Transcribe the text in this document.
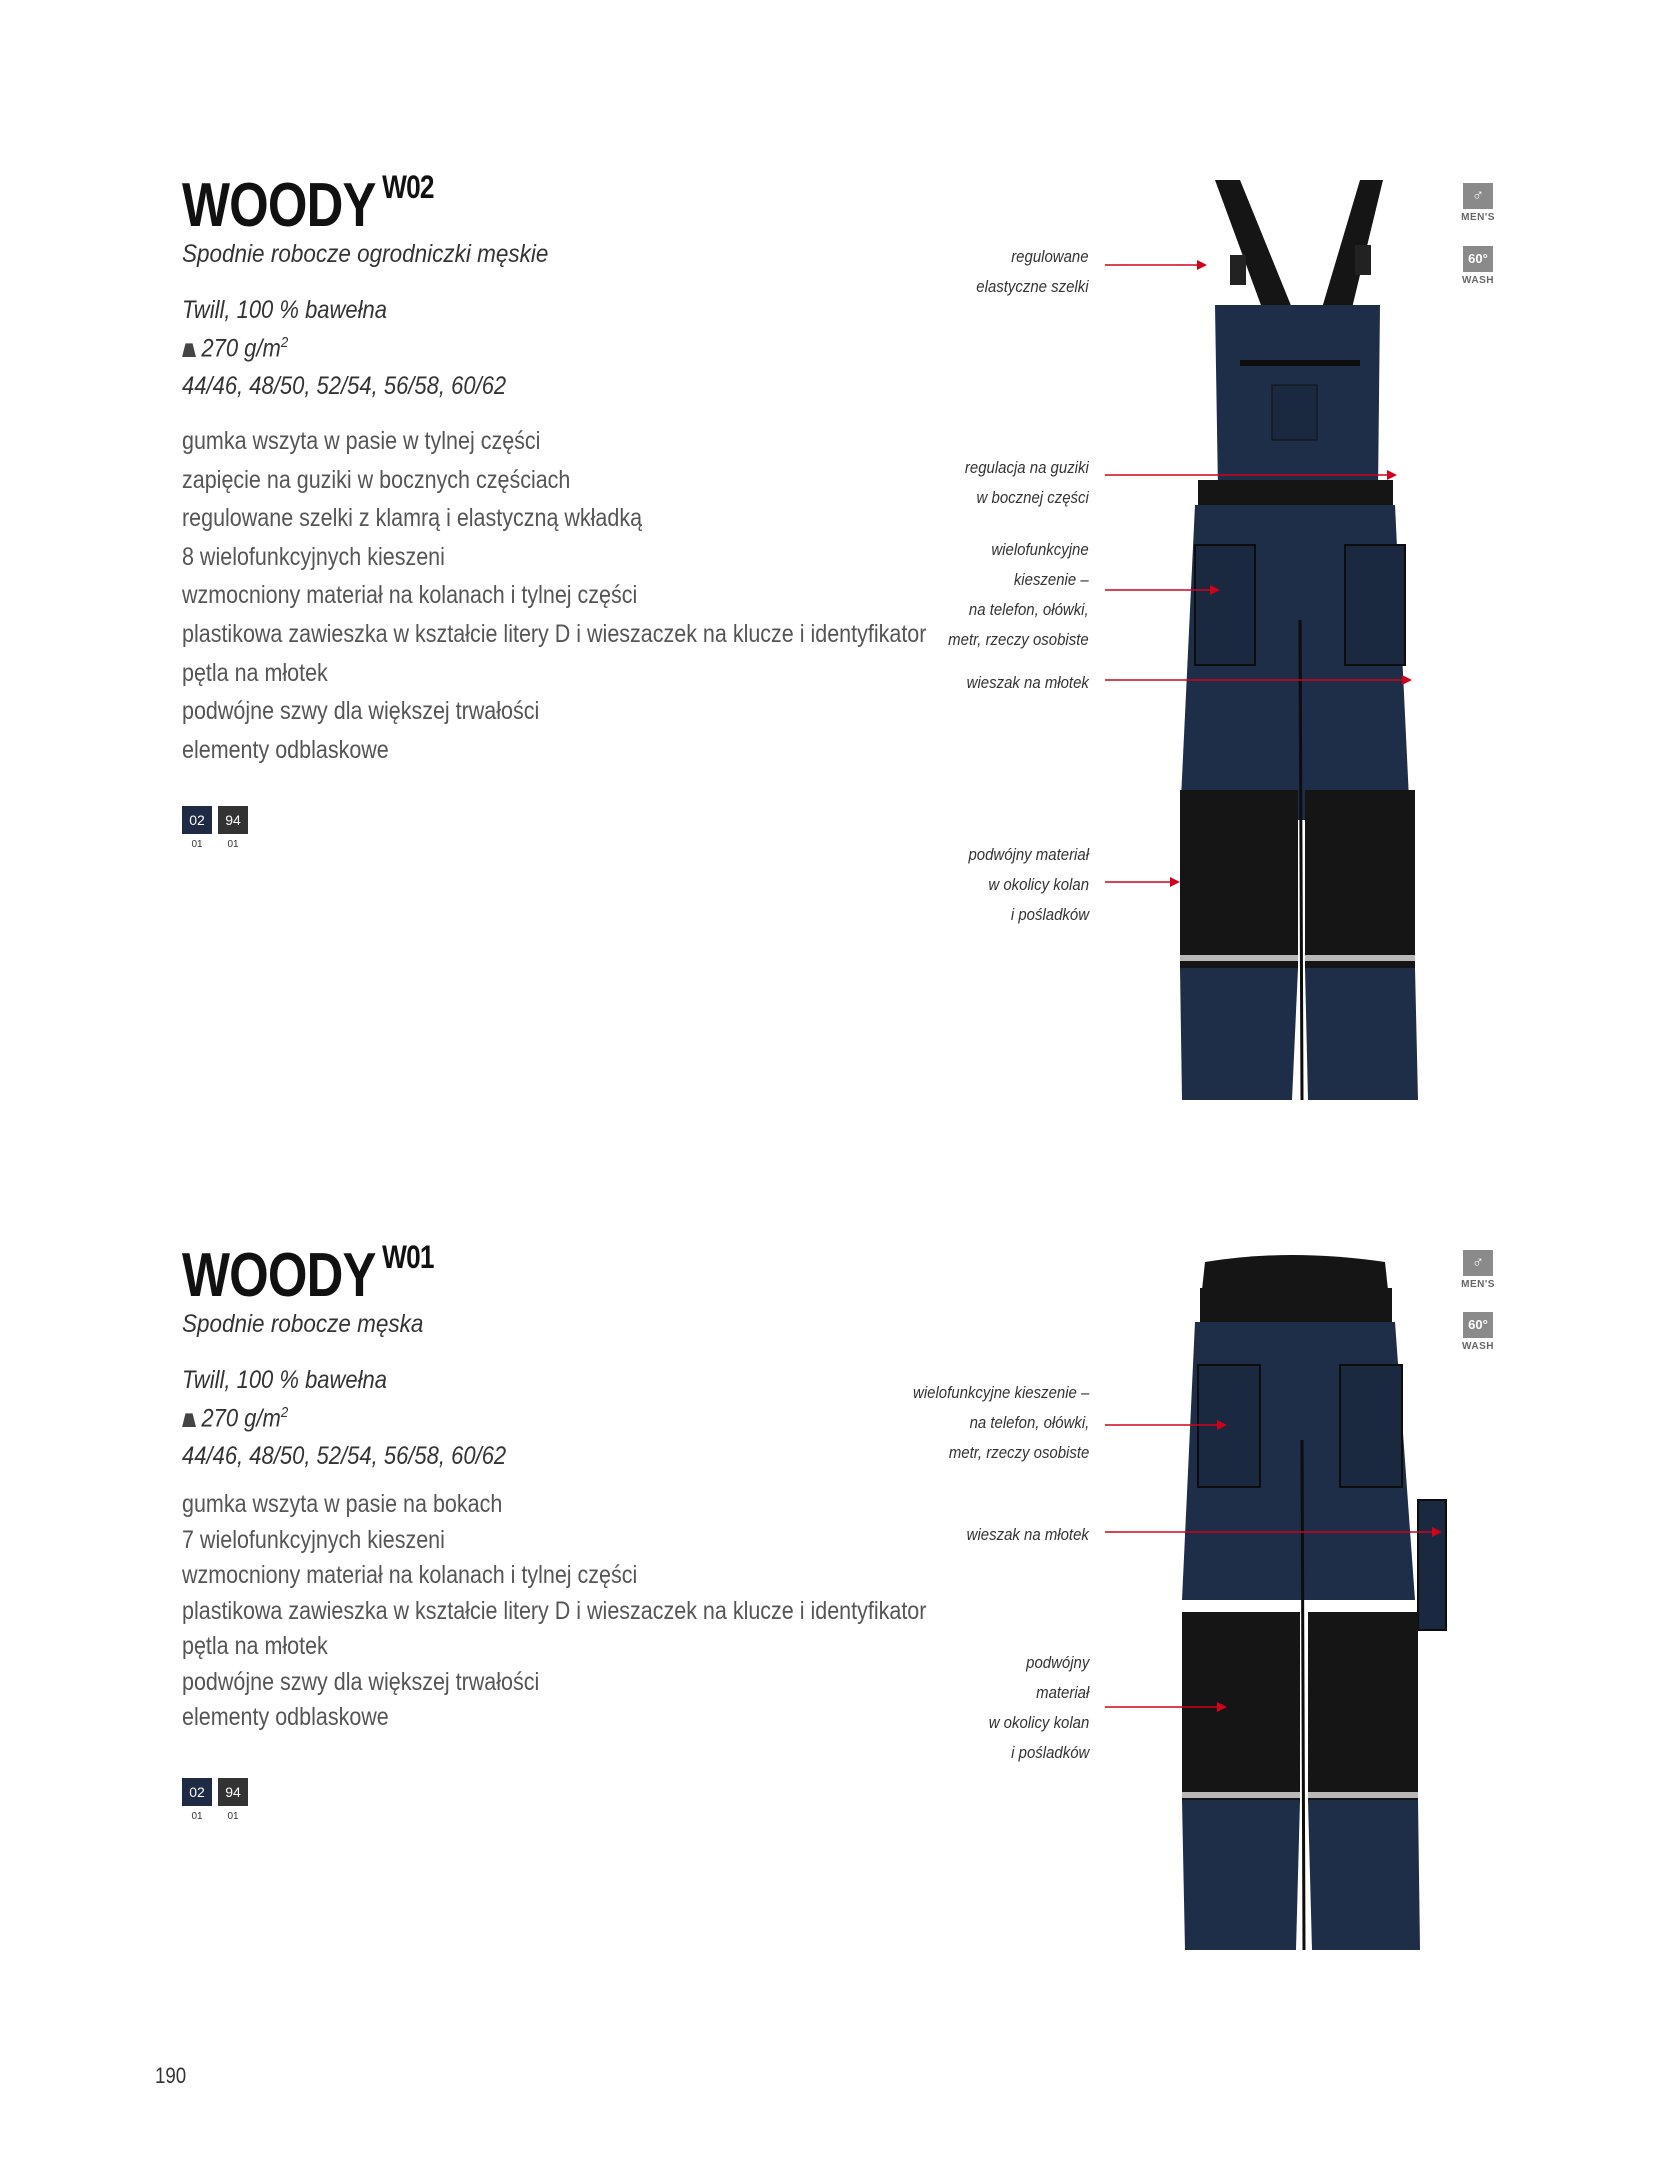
WOODY $^{W02}$
Spodnie robocze ogrodniczki męskie
Twill, 100 % bawełna
270 $g/m^2$
44/46, 48/50, 52/54, 56/58, 60/62
gumka wszyta w pasie w tylnej części
zapięcie na guziki w bocznych częściach
regulowane szelki z klamrą i elastyczną wkładką
8 wielofunkcyjnych kieszeni
wzmocniony materiał na kolanach i tylnej części
plastikowa zawieszka w kształcie litery D i wieszaczek na klucze i identyfikator
pętla na młotek
podwójne szwy dla większej trwałości
elementy odblaskowe
02
01
94
01
♂
MEN'S
60°
WASH
regulowane
elastyczne szelki
regulacja na guziki
w bocznej części
wielofunkcyjne
kieszenie –
na telefon, ołówki,
metr, rzeczy osobiste
wieszak na młotek
podwójny materiał
w okolicy kolan
i pośladków
WOODY $^{W01}$
Spodnie robocze męska
Twill, 100 % bawełna
270 $g/m^2$
44/46, 48/50, 52/54, 56/58, 60/62
gumka wszyta w pasie na bokach
7 wielofunkcyjnych kieszeni
wzmocniony materiał na kolanach i tylnej części
plastikowa zawieszka w kształcie litery D i wieszaczek na klucze i identyfikator
pętla na młotek
podwójne szwy dla większej trwałości
elementy odblaskowe
02
01
94
01
♂
MEN'S
60°
WASH
wielofunkcyjne kieszenie –
na telefon, ołówki,
metr, rzeczy osobiste
wieszak na młotek
podwójny
materiał
w okolicy kolan
i pośladków
190
